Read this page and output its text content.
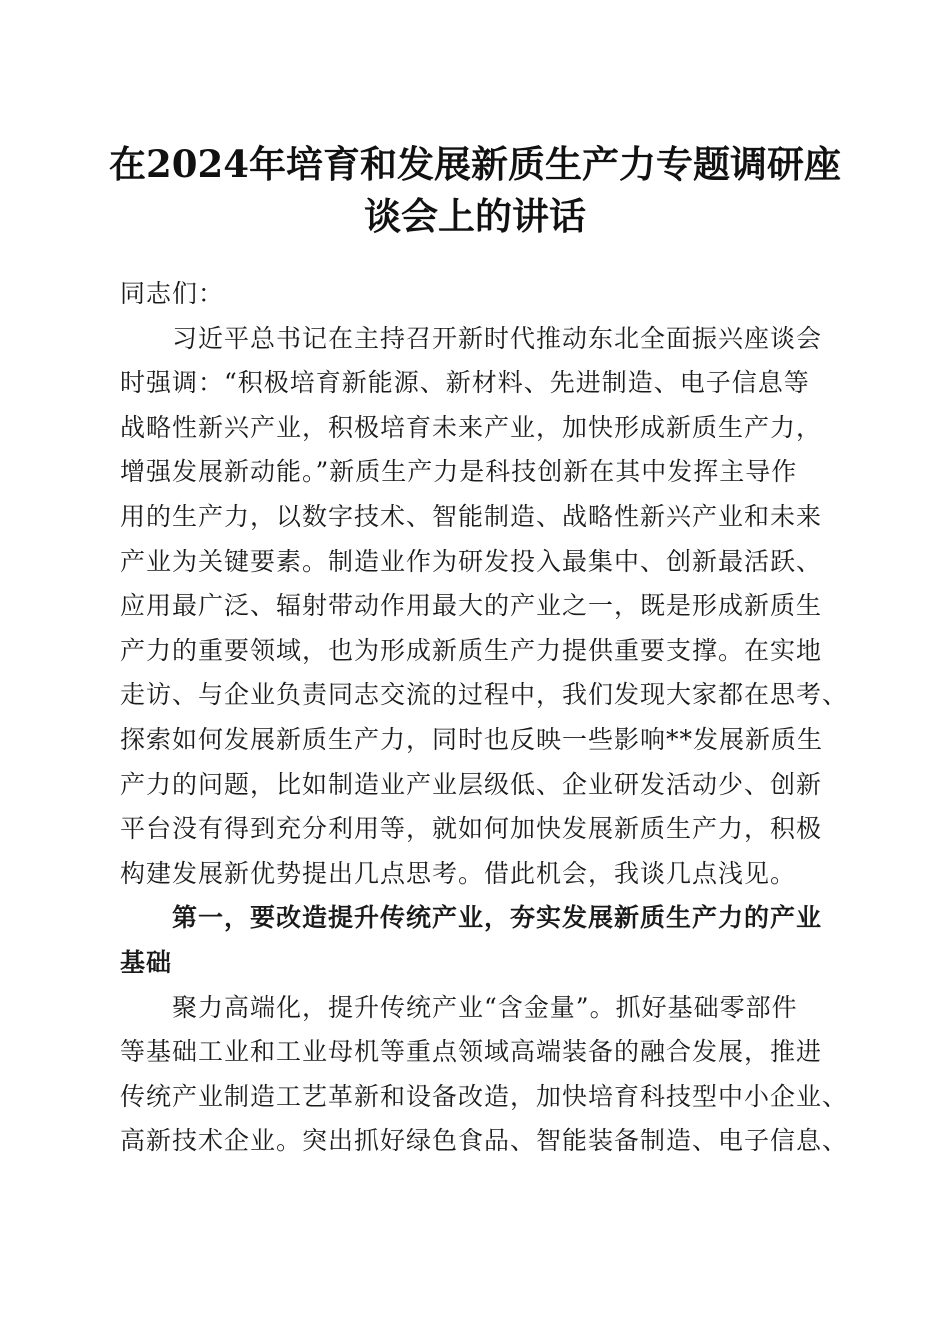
在2024年培育和发展新质生产力专题调研座
谈会上的讲话
同志们：
习近平总书记在主持召开新时代推动东北全面振兴座谈会
时强调：“积极培育新能源、新材料、先进制造、电子信息等
战略性新兴产业，积极培育未来产业，加快形成新质生产力，
增强发展新动能。”新质生产力是科技创新在其中发挥主导作
用的生产力，以数字技术、智能制造、战略性新兴产业和未来
产业为关键要素。制造业作为研发投入最集中、创新最活跃、
应用最广泛、辐射带动作用最大的产业之一，既是形成新质生
产力的重要领域，也为形成新质生产力提供重要支撑。在实地
走访、与企业负责同志交流的过程中，我们发现大家都在思考、
探索如何发展新质生产力，同时也反映一些影响**发展新质生
产力的问题，比如制造业产业层级低、企业研发活动少、创新
平台没有得到充分利用等，就如何加快发展新质生产力，积极
构建发展新优势提出几点思考。借此机会，我谈几点浅见。
第一，要改造提升传统产业，夯实发展新质生产力的产业
基础
聚力高端化，提升传统产业“含金量”。抓好基础零部件
等基础工业和工业母机等重点领域高端装备的融合发展，推进
传统产业制造工艺革新和设备改造，加快培育科技型中小企业、
高新技术企业。突出抓好绿色食品、智能装备制造、电子信息、
